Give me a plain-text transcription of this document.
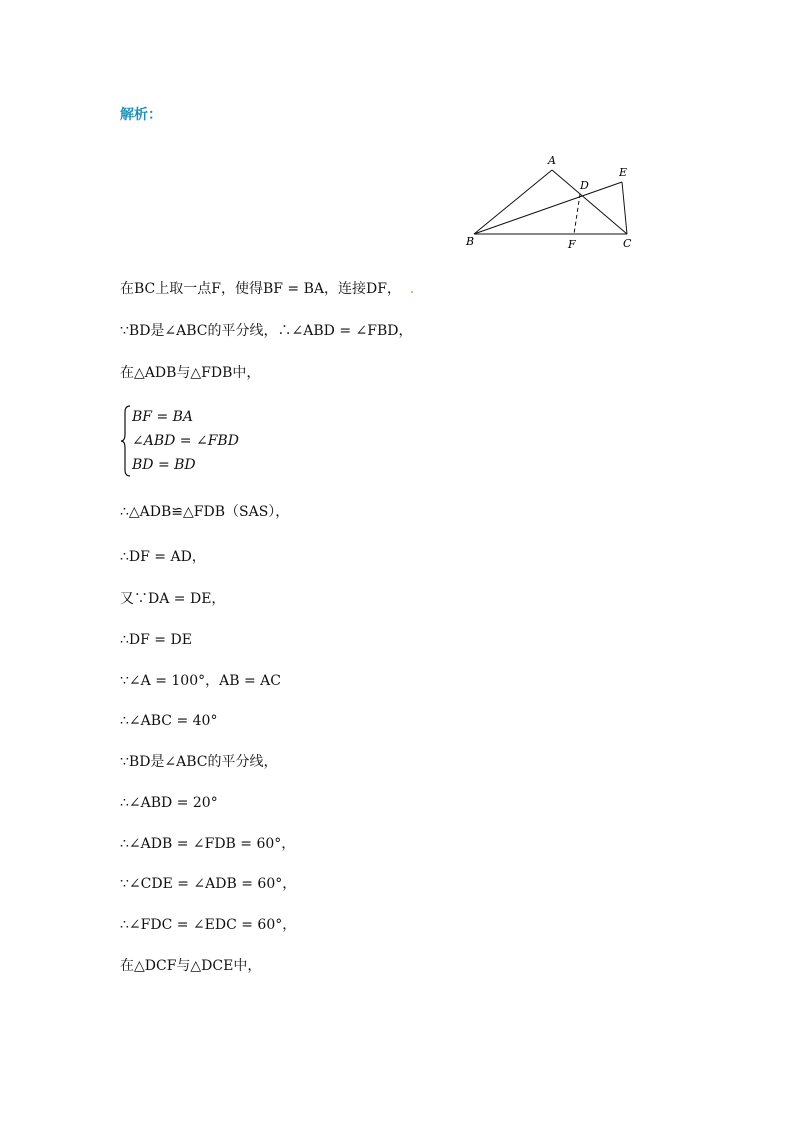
解析：
A
B	C
D
E
F
在BC上取一点F，使得BF = BA，连接DF， .
∵BD是∠ABC的平分线，∴∠ABD = ∠FBD，
在△ADB与△FDB中，
BF = BA
∠ABD = ∠FBD
BD = BD
∴△ADB≌△FDB（SAS），
∴DF = AD，
又∵DA = DE，
∴DF = DE
∵∠A = 100°，AB = AC
∴∠ABC = 40°
∵BD是∠ABC的平分线，
∴∠ABD = 20°
∴∠ADB = ∠FDB = 60°，
∵∠CDE = ∠ADB = 60°，
∴∠FDC = ∠EDC = 60°，
在△DCF与△DCE中，
